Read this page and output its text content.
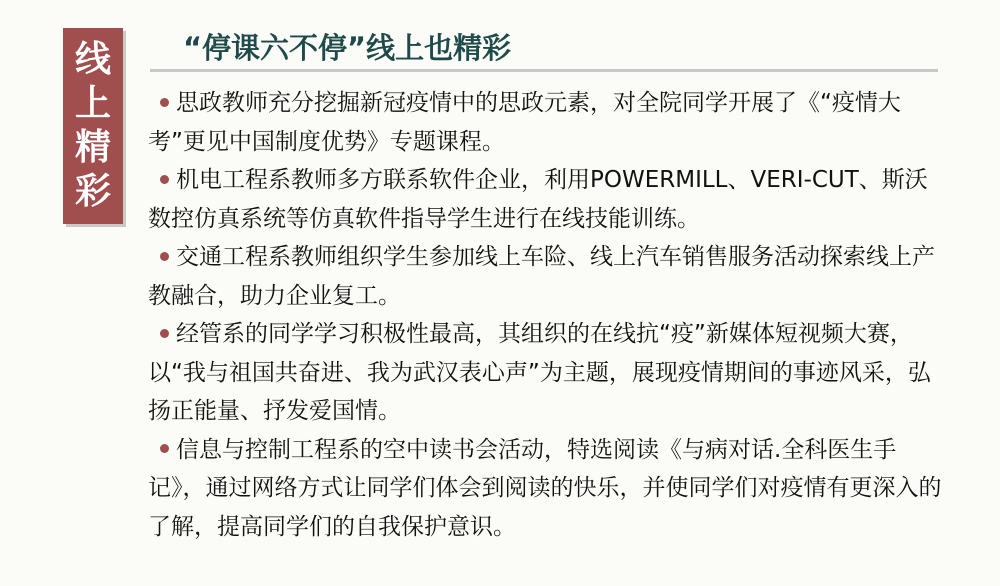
线
上
精
彩
“停课六不停”线上也精彩
思政教师充分挖掘新冠疫情中的思政元素，对全院同学开展了《“疫情大考”更见中国制度优势》专题课程。
机电工程系教师多方联系软件企业，利用POWERMILL、VERI-CUT、斯沃数控仿真系统等仿真软件指导学生进行在线技能训练。
交通工程系教师组织学生参加线上车险、线上汽车销售服务活动探索线上产教融合，助力企业复工。
经管系的同学学习积极性最高，其组织的在线抗“疫”新媒体短视频大赛，以“我与祖国共奋进、我为武汉表心声”为主题，展现疫情期间的事迹风采，弘扬正能量、抒发爱国情。
信息与控制工程系的空中读书会活动，特选阅读《与病对话.全科医生手记》，通过网络方式让同学们体会到阅读的快乐，并使同学们对疫情有更深入的了解，提高同学们的自我保护意识。
